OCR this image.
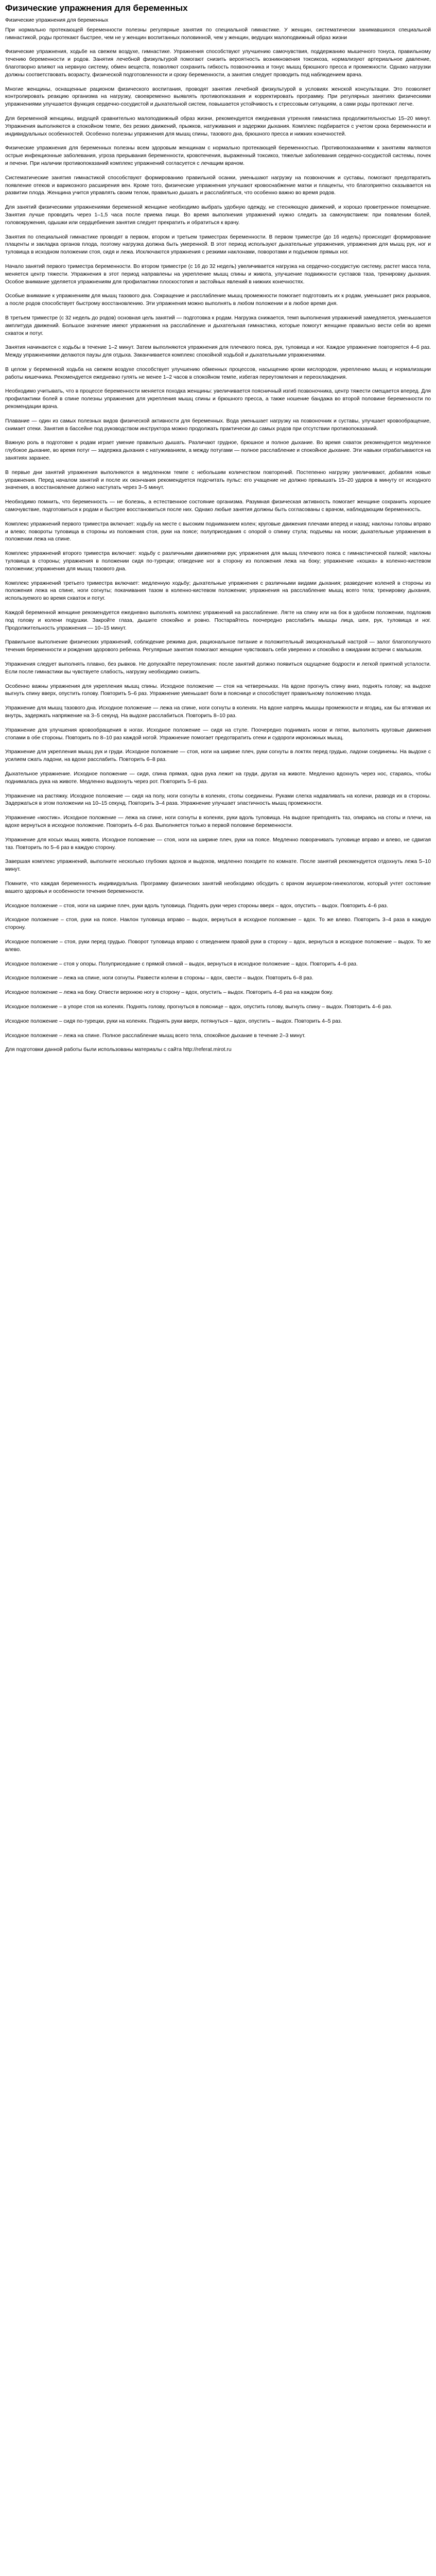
Физические упражнения для беременных

Физические упражнения для беременных

При нормально протекающей беременности полезны регулярные занятия по специальной гимнастике. У женщин, систематически занимавшихся специальной гимнастикой, роды протекают быстрее, чем не у женщин воспитанных половинной, чем у женщин, ведущих малоподвижный образ жизни

Физические упражнения, ходьбе на свежем воздухе, гимнастике. Упражнения способствуют улучшению самочувствия, поддержанию мышечного тонуса, правильному течению беременности и родов. Занятия лечебной физкультурой помогают снизить вероятность возникновения токсикоза, нормализуют артериальное давление, благотворно влияют на нервную систему, обмен веществ, позволяют сохранить гибкость позвоночника и тонус мышц брюшного пресса и промежности. Однако нагрузки должны соответствовать возрасту, физической подготовленности и сроку беременности, а занятия следует проводить под наблюдением врача.

Многие женщины, оснащенные рационом физического воспитания, проводят занятия лечебной физкультурой в условиях женской консультации. Это позволяет контролировать реакцию организма на нагрузку, своевременно выявлять противопоказания и корректировать программу. При регулярных занятиях физическими упражнениями улучшается функция сердечно-сосудистой и дыхательной систем, повышается устойчивость к стрессовым ситуациям, а сами роды протекают легче.

Для беременной женщины, ведущей сравнительно малоподвижный образ жизни, рекомендуется ежедневная утренняя гимнастика продолжительностью 15–20 минут. Упражнения выполняются в спокойном темпе, без резких движений, прыжков, натуживания и задержки дыхания. Комплекс подбирается с учетом срока беременности и индивидуальных особенностей. Особенно полезны упражнения для мышц спины, тазового дна, брюшного пресса и нижних конечностей.

Физические упражнения для беременных полезны всем здоровым женщинам с нормально протекающей беременностью. Противопоказаниями к занятиям являются острые инфекционные заболевания, угроза прерывания беременности, кровотечения, выраженный токсикоз, тяжелые заболевания сердечно-сосудистой системы, почек и печени. При наличии противопоказаний комплекс упражнений согласуется с лечащим врачом.

Систематические занятия гимнастикой способствуют формированию правильной осанки, уменьшают нагрузку на позвоночник и суставы, помогают предотвратить появление отеков и варикозного расширения вен. Кроме того, физические упражнения улучшают кровоснабжение матки и плаценты, что благоприятно сказывается на развитии плода. Женщина учится управлять своим телом, правильно дышать и расслабляться, что особенно важно во время родов.

Для занятий физическими упражнениями беременной женщине необходимо выбрать удобную одежду, не стесняющую движений, и хорошо проветренное помещение. Занятия лучше проводить через 1–1,5 часа после приема пищи. Во время выполнения упражнений нужно следить за самочувствием: при появлении болей, головокружения, одышки или сердцебиения занятия следует прекратить и обратиться к врачу.

Занятия по специальной гимнастике проводят в первом, втором и третьем триместрах беременности. В первом триместре (до 16 недель) происходит формирование плаценты и закладка органов плода, поэтому нагрузка должна быть умеренной. В этот период используют дыхательные упражнения, упражнения для мышц рук, ног и туловища в исходном положении стоя, сидя и лежа. Исключаются упражнения с резкими наклонами, поворотами и подъемом прямых ног.

Начало занятий первого триместра беременности. Во втором триместре (с 16 до 32 недель) увеличивается нагрузка на сердечно-сосудистую систему, растет масса тела, меняется центр тяжести. Упражнения в этот период направлены на укрепление мышц спины и живота, улучшение подвижности суставов таза, тренировку дыхания. Особое внимание уделяется упражнениям для профилактики плоскостопия и застойных явлений в нижних конечностях.

Особые внимание к упражнениям для мышц тазового дна. Сокращение и расслабление мышц промежности помогает подготовить их к родам, уменьшает риск разрывов, а после родов способствует быстрому восстановлению. Эти упражнения можно выполнять в любом положении и в любое время дня.

В третьем триместре (с 32 недель до родов) основная цель занятий — подготовка к родам. Нагрузка снижается, темп выполнения упражнений замедляется, уменьшается амплитуда движений. Большое значение имеют упражнения на расслабление и дыхательная гимнастика, которые помогут женщине правильно вести себя во время схваток и потуг.

Занятия начинаются с ходьбы в течение 1–2 минут. Затем выполняются упражнения для плечевого пояса, рук, туловища и ног. Каждое упражнение повторяется 4–6 раз. Между упражнениями делаются паузы для отдыха. Заканчивается комплекс спокойной ходьбой и дыхательными упражнениями.

В целом у беременной ходьба на свежем воздухе способствует улучшению обменных процессов, насыщению крови кислородом, укреплению мышц и нормализации работы кишечника. Рекомендуется ежедневно гулять не менее 1–2 часов в спокойном темпе, избегая переутомления и переохлаждения.

Необходимо учитывать, что в процессе беременности меняется походка женщины: увеличивается поясничный изгиб позвоночника, центр тяжести смещается вперед. Для профилактики болей в спине полезны упражнения для укрепления мышц спины и брюшного пресса, а также ношение бандажа во второй половине беременности по рекомендации врача.

Плавание — один из самых полезных видов физической активности для беременных. Вода уменьшает нагрузку на позвоночник и суставы, улучшает кровообращение, снимает отеки. Занятия в бассейне под руководством инструктора можно продолжать практически до самых родов при отсутствии противопоказаний.

Важную роль в подготовке к родам играет умение правильно дышать. Различают грудное, брюшное и полное дыхание. Во время схваток рекомендуется медленное глубокое дыхание, во время потуг — задержка дыхания с натуживанием, а между потугами — полное расслабление и спокойное дыхание. Эти навыки отрабатываются на занятиях заранее.

В первые дни занятий упражнения выполняются в медленном темпе с небольшим количеством повторений. Постепенно нагрузку увеличивают, добавляя новые упражнения. Перед началом занятий и после их окончания рекомендуется подсчитать пульс: его учащение не должно превышать 15–20 ударов в минуту от исходного значения, а восстановление должно наступать через 3–5 минут.

Необходимо помнить, что беременность — не болезнь, а естественное состояние организма. Разумная физическая активность помогает женщине сохранить хорошее самочувствие, подготовиться к родам и быстрее восстановиться после них. Однако любые занятия должны быть согласованы с врачом, наблюдающим беременность.

Комплекс упражнений первого триместра включает: ходьбу на месте с высоким подниманием колен; круговые движения плечами вперед и назад; наклоны головы вправо и влево; повороты туловища в стороны из положения стоя, руки на поясе; полуприседания с опорой о спинку стула; подъемы на носки; дыхательные упражнения в положении лежа на спине.

Комплекс упражнений второго триместра включает: ходьбу с различными движениями рук; упражнения для мышц плечевого пояса с гимнастической палкой; наклоны туловища в стороны; упражнения в положении сидя по-турецки; отведение ног в сторону из положения лежа на боку; упражнение «кошка» в коленно-кистевом положении; упражнения для мышц тазового дна.

Комплекс упражнений третьего триместра включает: медленную ходьбу; дыхательные упражнения с различными видами дыхания; разведение коленей в стороны из положения лежа на спине, ноги согнуты; покачивания тазом в коленно-кистевом положении; упражнения на расслабление мышц всего тела; тренировку дыхания, используемого во время схваток и потуг.

Каждой беременной женщине рекомендуется ежедневно выполнять комплекс упражнений на расслабление. Лягте на спину или на бок в удобном положении, подложив под голову и колени подушки. Закройте глаза, дышите спокойно и ровно. Постарайтесь поочередно расслабить мышцы лица, шеи, рук, туловища и ног. Продолжительность упражнения — 10–15 минут.

Правильное выполнение физических упражнений, соблюдение режима дня, рациональное питание и положительный эмоциональный настрой — залог благополучного течения беременности и рождения здорового ребенка. Регулярные занятия помогают женщине чувствовать себя уверенно и спокойно в ожидании встречи с малышом.

Упражнения следует выполнять плавно, без рывков. Не допускайте переутомления: после занятий должно появиться ощущение бодрости и легкой приятной усталости. Если после гимнастики вы чувствуете слабость, нагрузку необходимо снизить.

Особенно важны упражнения для укрепления мышц спины. Исходное положение — стоя на четвереньках. На вдохе прогнуть спину вниз, поднять голову; на выдохе выгнуть спину вверх, опустить голову. Повторить 5–6 раз. Упражнение уменьшает боли в пояснице и способствует правильному положению плода.

Упражнение для мышц тазового дна. Исходное положение — лежа на спине, ноги согнуты в коленях. На вдохе напрячь мышцы промежности и ягодиц, как бы втягивая их внутрь, задержать напряжение на 3–5 секунд. На выдохе расслабиться. Повторить 8–10 раз.

Упражнение для улучшения кровообращения в ногах. Исходное положение — сидя на стуле. Поочередно поднимать носки и пятки, выполнять круговые движения стопами в обе стороны. Повторить по 8–10 раз каждой ногой. Упражнение помогает предотвратить отеки и судороги икроножных мышц.

Упражнение для укрепления мышц рук и груди. Исходное положение — стоя, ноги на ширине плеч, руки согнуты в локтях перед грудью, ладони соединены. На выдохе с усилием сжать ладони, на вдохе расслабить. Повторить 6–8 раз.

Дыхательное упражнение. Исходное положение — сидя, спина прямая, одна рука лежит на груди, другая на животе. Медленно вдохнуть через нос, стараясь, чтобы поднималась рука на животе. Медленно выдохнуть через рот. Повторить 5–6 раз.

Упражнение на растяжку. Исходное положение — сидя на полу, ноги согнуты в коленях, стопы соединены. Руками слегка надавливать на колени, разводя их в стороны. Задержаться в этом положении на 10–15 секунд. Повторить 3–4 раза. Упражнение улучшает эластичность мышц промежности.

Упражнение «мостик». Исходное положение — лежа на спине, ноги согнуты в коленях, руки вдоль туловища. На выдохе приподнять таз, опираясь на стопы и плечи, на вдохе вернуться в исходное положение. Повторить 4–6 раз. Выполняется только в первой половине беременности.

Упражнение для косых мышц живота. Исходное положение — стоя, ноги на ширине плеч, руки на поясе. Медленно поворачивать туловище вправо и влево, не сдвигая таз. Повторить по 5–6 раз в каждую сторону.

Завершая комплекс упражнений, выполните несколько глубоких вдохов и выдохов, медленно походите по комнате. После занятий рекомендуется отдохнуть лежа 5–10 минут.

Помните, что каждая беременность индивидуальна. Программу физических занятий необходимо обсудить с врачом акушером-гинекологом, который учтет состояние вашего здоровья и особенности течения беременности.

Исходное положение – стоя, ноги на ширине плеч, руки вдоль туловища. Поднять руки через стороны вверх – вдох, опустить – выдох. Повторить 4–6 раз.

Исходное положение – стоя, руки на поясе. Наклон туловища вправо – выдох, вернуться в исходное положение – вдох. То же влево. Повторить 3–4 раза в каждую сторону.

Исходное положение – стоя, руки перед грудью. Поворот туловища вправо с отведением правой руки в сторону – вдох, вернуться в исходное положение – выдох. То же влево.

Исходное положение – стоя у опоры. Полуприседание с прямой спиной – выдох, вернуться в исходное положение – вдох. Повторить 4–6 раз.

Исходное положение – лежа на спине, ноги согнуты. Развести колени в стороны – вдох, свести – выдох. Повторить 6–8 раз.

Исходное положение – лежа на боку. Отвести верхнюю ногу в сторону – вдох, опустить – выдох. Повторить 4–6 раз на каждом боку.

Исходное положение – в упоре стоя на коленях. Поднять голову, прогнуться в пояснице – вдох, опустить голову, выгнуть спину – выдох. Повторить 4–6 раз.

Исходное положение – сидя по-турецки, руки на коленях. Поднять руки вверх, потянуться – вдох, опустить – выдох. Повторить 4–5 раз.

Исходное положение – лежа на спине. Полное расслабление мышц всего тела, спокойное дыхание в течение 2–3 минут.

Для подготовки данной работы были использованы материалы с сайта http://referat.mirot.ru
